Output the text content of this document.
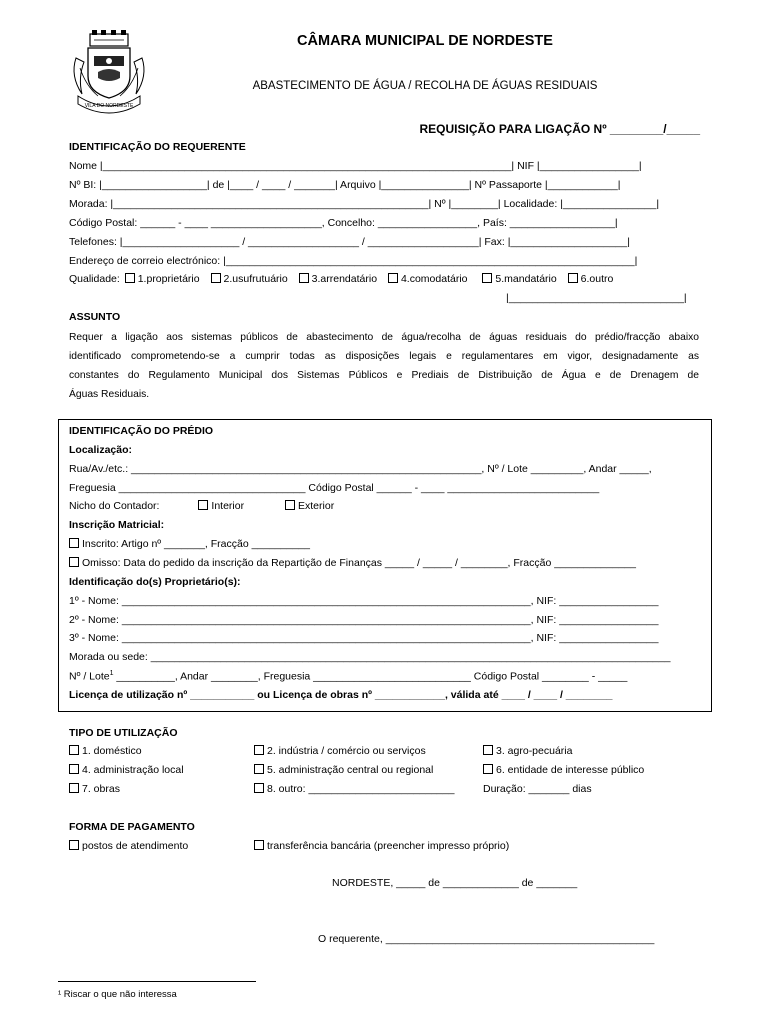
VILA DO NORDESTE
CÂMARA MUNICIPAL DE NORDESTE
ABASTECIMENTO DE ÁGUA / RECOLHA DE ÁGUAS RESIDUAIS
REQUISIÇÃO PARA LIGAÇÃO Nº ________/_____
IDENTIFICAÇÃO DO REQUERENTE
Nome |______________________________________________________________________| NIF |_________________|
Nº BI: |__________________| de |____ / ____ / _______| Arquivo |_______________| Nº Passaporte |____________|
Morada: |______________________________________________________| Nº |________| Localidade: |________________|
Código Postal: ______ - ____ ___________________, Concelho: _________________, País: __________________|
Telefones: |____________________ / ___________________ / ___________________| Fax: |____________________|
Endereço de correio electrónico: |______________________________________________________________________|
Qualidade: 1.proprietário 2.usufrutuário 3.arrendatário 4.comodatário	5.mandatário 6.outro
|______________________________|
ASSUNTO
Requer a ligação aos sistemas públicos de abastecimento de água/recolha de águas residuais do prédio/fracção abaixo
identificado comprometendo-se a cumprir todas as disposições legais e regulamentares em vigor, designadamente as
constantes do Regulamento Municipal dos Sistemas Públicos e Prediais de Distribuição de Água e de Drenagem de
Águas Residuais.
IDENTIFICAÇÃO DO PRÉDIO
Localização:
Rua/Av./etc.: ____________________________________________________________, Nº / Lote _________, Andar _____,
Freguesia ________________________________ Código Postal ______ - ____ __________________________
Nicho do Contador:	Interior	Exterior
Inscrição Matricial:
Inscrito: Artigo nº _______, Fracção __________
Omisso: Data do pedido da inscrição da Repartição de Finanças _____ / _____ / ________, Fracção ______________
Identificação do(s) Proprietário(s):
1º - Nome: ______________________________________________________________________, NIF: _________________
2º - Nome: ______________________________________________________________________, NIF: _________________
3º - Nome: ______________________________________________________________________, NIF: _________________
Morada ou sede: _________________________________________________________________________________________
Nº / Lote$^1$ __________, Andar ________, Freguesia ___________________________ Código Postal ________ - _____
Licença de utilização nº ___________ ou Licença de obras nº ____________, válida até ____ / ____ / ________
TIPO DE UTILIZAÇÃO
1. doméstico	2. indústria / comércio ou serviços	3. agro-pecuária
4. administração local	5. administração central ou regional	6. entidade de interesse público
7. obras	8. outro: _________________________	Duração: _______ dias
FORMA DE PAGAMENTO
postos de atendimento	transferência bancária (preencher impresso próprio)
NORDESTE, _____ de _____________ de _______
O requerente, ______________________________________________
¹ Riscar o que não interessa
